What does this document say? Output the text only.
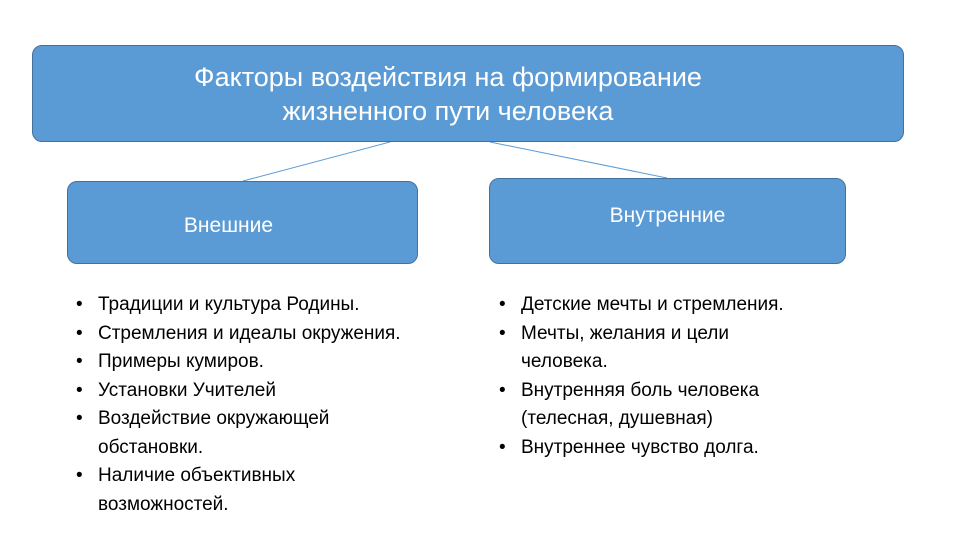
Факторы воздействия на формирование
жизненного пути человека
Внешние	Внутренние
• Традиции и культура Родины.
• Стремления и идеалы окружения.
• Примеры кумиров.
• Установки Учителей
• Воздействие окружающей обстановки.
• Наличие объективных возможностей.
• Детские мечты и стремления.
• Мечты, желания и цели человека.
• Внутренняя боль человека (телесная, душевная)
• Внутреннее чувство долга.
